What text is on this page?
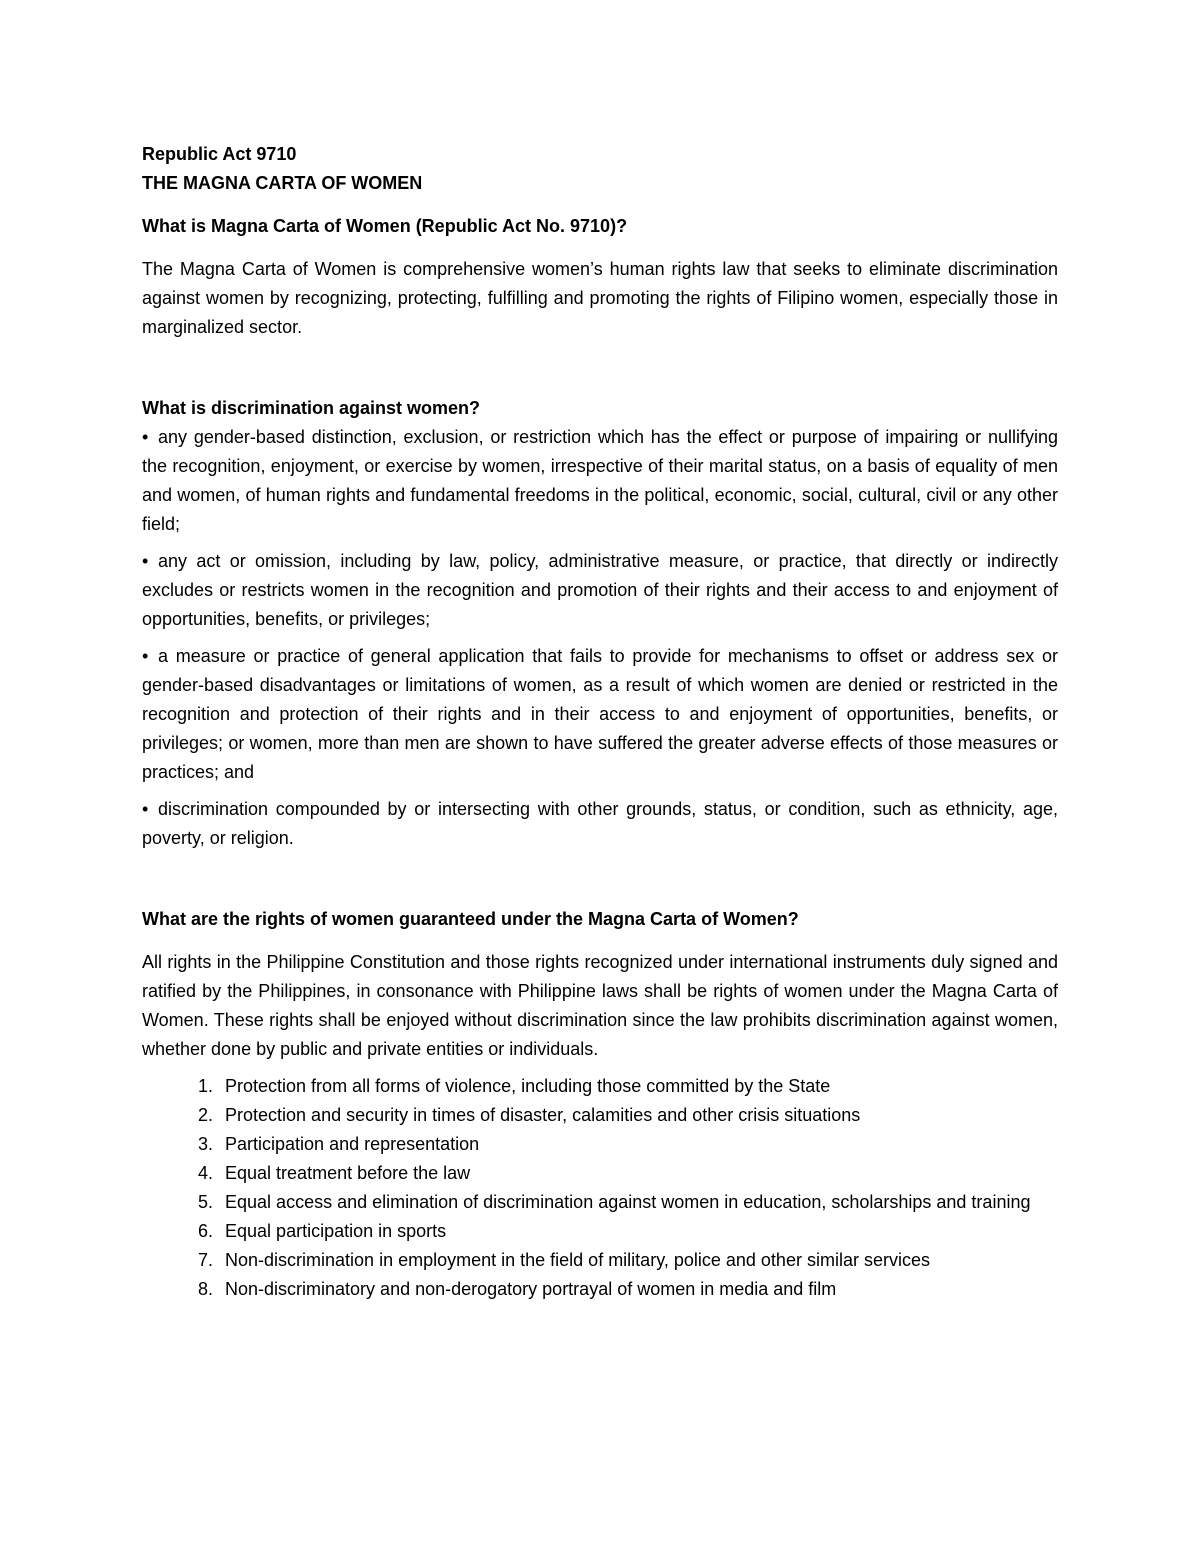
Republic Act 9710

THE MAGNA CARTA OF WOMEN

What is Magna Carta of Women (Republic Act No. 9710)?

The Magna Carta of Women is comprehensive women’s human rights law that seeks to eliminate discrimination against women by recognizing, protecting, fulfilling and promoting the rights of Filipino women, especially those in marginalized sector.

What is discrimination against women?

• any gender-based distinction, exclusion, or restriction which has the effect or purpose of impairing or nullifying the recognition, enjoyment, or exercise by women, irrespective of their marital status, on a basis of equality of men and women, of human rights and fundamental freedoms in the political, economic, social, cultural, civil or any other field;

• any act or omission, including by law, policy, administrative measure, or practice, that directly or indirectly excludes or restricts women in the recognition and promotion of their rights and their access to and enjoyment of opportunities, benefits, or privileges;

• a measure or practice of general application that fails to provide for mechanisms to offset or address sex or gender-based disadvantages or limitations of women, as a result of which women are denied or restricted in the recognition and protection of their rights and in their access to and enjoyment of opportunities, benefits, or privileges; or women, more than men are shown to have suffered the greater adverse effects of those measures or practices; and

• discrimination compounded by or intersecting with other grounds, status, or condition, such as ethnicity, age, poverty, or religion.

What are the rights of women guaranteed under the Magna Carta of Women?

All rights in the Philippine Constitution and those rights recognized under international instruments duly signed and ratified by the Philippines, in consonance with Philippine laws shall be rights of women under the Magna Carta of Women. These rights shall be enjoyed without discrimination since the law prohibits discrimination against women, whether done by public and private entities or individuals.

1. Protection from all forms of violence, including those committed by the State
2. Protection and security in times of disaster, calamities and other crisis situations
3. Participation and representation
4. Equal treatment before the law
5. Equal access and elimination of discrimination against women in education, scholarships and training
6. Equal participation in sports
7. Non-discrimination in employment in the field of military, police and other similar services
8. Non-discriminatory and non-derogatory portrayal of women in media and film
